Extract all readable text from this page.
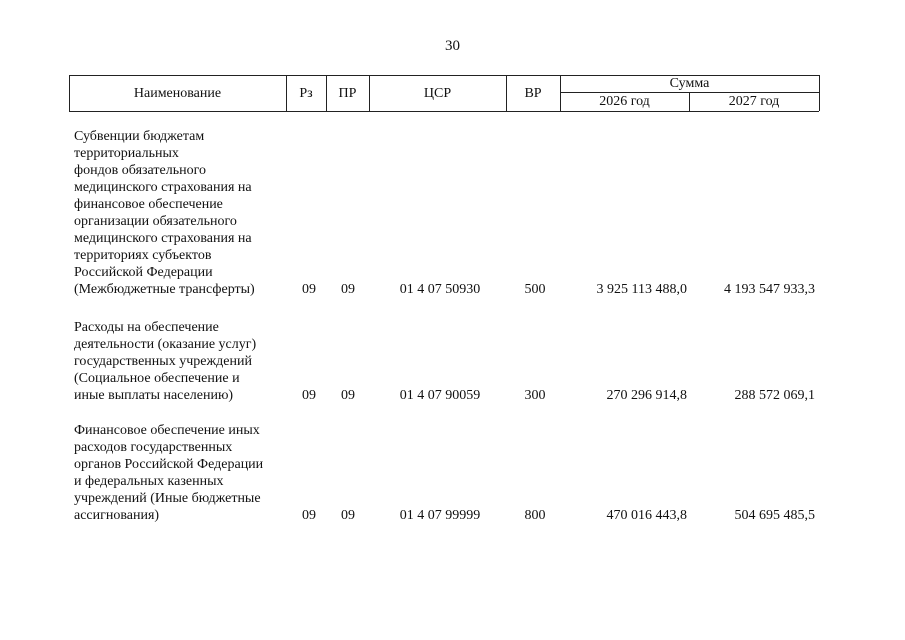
30
Наименование	Рз	ПР	ЦСР	ВР
Сумма
2026 год	2027 год
Субвенции бюджетам
территориальных
фондов обязательного
медицинского страхования на
финансовое обеспечение
организации обязательного
медицинского страхования на
территориях субъектов
Российской Федерации
(Межбюджетные трансферты)	09	09	01 4 07 50930	500	3 925 113 488,0	4 193 547 933,3
Расходы на обеспечение
деятельности (оказание услуг)
государственных учреждений
(Социальное обеспечение и
иные выплаты населению)	09	09	01 4 07 90059	300	270 296 914,8	288 572 069,1
Финансовое обеспечение иных
расходов государственных
органов Российской Федерации
и федеральных казенных
учреждений (Иные бюджетные
ассигнования)	09	09	01 4 07 99999	800	470 016 443,8	504 695 485,5
